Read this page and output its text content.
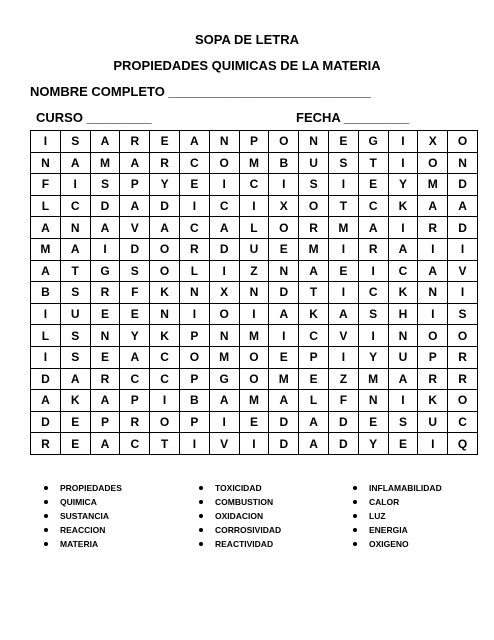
SOPA DE LETRA
PROPIEDADES QUIMICAS DE LA MATERIA
NOMBRE COMPLETO ____________________________
CURSO _________	FECHA _________
I	S	A	R	E	A	N	P	O	N	E	G	I	X	O
N	A	M	A	R	C	O	M	B	U	S	T	I	O	N
F	I	S	P	Y	E	I	C	I	S	I	E	Y	M	D
L	C	D	A	D	I	C	I	X	O	T	C	K	A	A
A	N	A	V	A	C	A	L	O	R	M	A	I	R	D
M	A	I	D	O	R	D	U	E	M	I	R	A	I	I
A	T	G	S	O	L	I	Z	N	A	E	I	C	A	V
B	S	R	F	K	N	X	N	D	T	I	C	K	N	I
I	U	E	E	N	I	O	I	A	K	A	S	H	I	S
L	S	N	Y	K	P	N	M	I	C	V	I	N	O	O
I	S	E	A	C	O	M	O	E	P	I	Y	U	P	R
D	A	R	C	C	P	G	O	M	E	Z	M	A	R	R
A	K	A	P	I	B	A	M	A	L	F	N	I	K	O
D	E	P	R	O	P	I	E	D	A	D	E	S	U	C
R	E	A	C	T	I	V	I	D	A	D	Y	E	I	Q
PROPIEDADES
QUIMICA
SUSTANCIA
REACCION
MATERIA
TOXICIDAD
COMBUSTION
OXIDACION
CORROSIVIDAD
REACTIVIDAD
INFLAMABILIDAD
CALOR
LUZ
ENERGIA
OXIGENO
